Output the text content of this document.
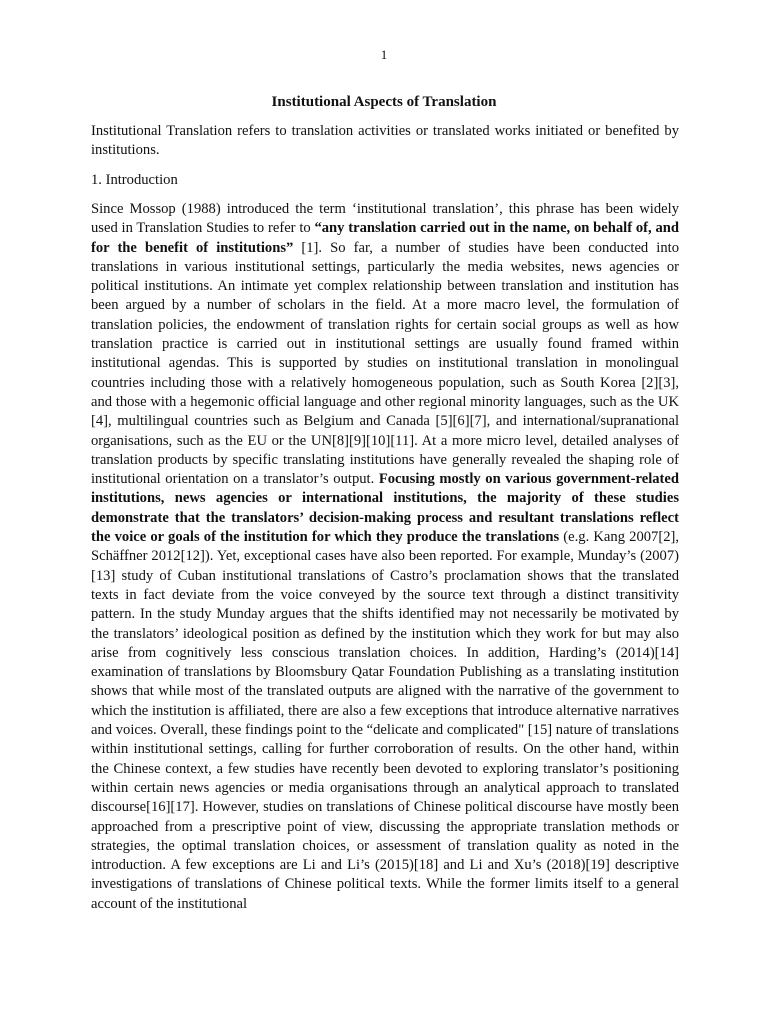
1
Institutional Aspects of Translation
Institutional Translation refers to translation activities or translated works initiated or benefited by institutions.
1. Introduction
Since Mossop (1988) introduced the term ‘institutional translation’, this phrase has been widely used in Translation Studies to refer to “any translation carried out in the name, on behalf of, and for the benefit of institutions” [1]. So far, a number of studies have been conducted into translations in various institutional settings, particularly the media websites, news agencies or political institutions. An intimate yet complex relationship between translation and institution has been argued by a number of scholars in the field. At a more macro level, the formulation of translation policies, the endowment of translation rights for certain social groups as well as how translation practice is carried out in institutional settings are usually found framed within institutional agendas. This is supported by studies on institutional translation in monolingual countries including those with a relatively homogeneous population, such as South Korea [2][3], and those with a hegemonic official language and other regional minority languages, such as the UK [4], multilingual countries such as Belgium and Canada [5][6][7], and international/supranational organisations, such as the EU or the UN[8][9][10][11]. At a more micro level, detailed analyses of translation products by specific translating institutions have generally revealed the shaping role of institutional orientation on a translator’s output. Focusing mostly on various government-related institutions, news agencies or international institutions, the majority of these studies demonstrate that the translators’ decision-making process and resultant translations reflect the voice or goals of the institution for which they produce the translations (e.g. Kang 2007[2], Schäffner 2012[12]). Yet, exceptional cases have also been reported. For example, Munday’s (2007)[13] study of Cuban institutional translations of Castro’s proclamation shows that the translated texts in fact deviate from the voice conveyed by the source text through a distinct transitivity pattern. In the study Munday argues that the shifts identified may not necessarily be motivated by the translators’ ideological position as defined by the institution which they work for but may also arise from cognitively less conscious translation choices. In addition, Harding’s (2014)[14] examination of translations by Bloomsbury Qatar Foundation Publishing as a translating institution shows that while most of the translated outputs are aligned with the narrative of the government to which the institution is affiliated, there are also a few exceptions that introduce alternative narratives and voices. Overall, these findings point to the “delicate and complicated" [15] nature of translations within institutional settings, calling for further corroboration of results. On the other hand, within the Chinese context, a few studies have recently been devoted to exploring translator’s positioning within certain news agencies or media organisations through an analytical approach to translated discourse[16][17]. However, studies on translations of Chinese political discourse have mostly been approached from a prescriptive point of view, discussing the appropriate translation methods or strategies, the optimal translation choices, or assessment of translation quality as noted in the introduction. A few exceptions are Li and Li’s (2015)[18] and Li and Xu’s (2018)[19] descriptive investigations of translations of Chinese political texts. While the former limits itself to a general account of the institutional
